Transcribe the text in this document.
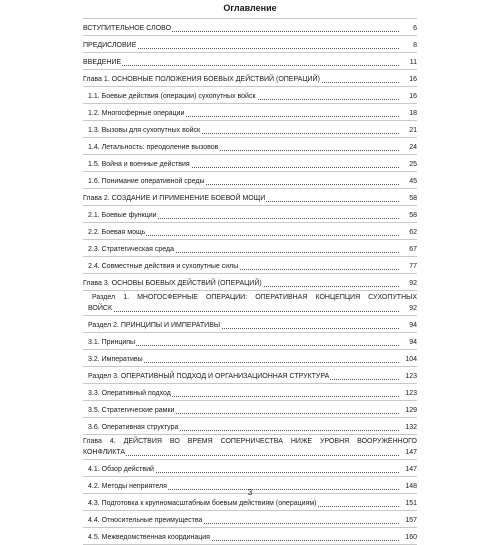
Оглавление
ВСТУПИТЕЛЬНОЕ СЛОВО	6
ПРЕДИСЛОВИЕ	8
ВВЕДЕНИЕ	11
Глава 1. ОСНОВНЫЕ ПОЛОЖЕНИЯ БОЕВЫХ ДЕЙСТВИЙ (ОПЕРАЦИЙ)	16
1.1. Боевые действия (операции) сухопутных войск	16
1.2. Многосферные операции	18
1.3. Вызовы для сухопутных войск	21
1.4. Летальность: преодоление вызовов	24
1.5. Война и военные действия	25
1.6. Понимание оперативной среды	45
Глава 2. СОЗДАНИЕ И ПРИМЕНЕНИЕ БОЕВОЙ МОЩИ	58
2.1. Боевые функции	58
2.2. Боевая мощь	62
2.3. Стратегическая среда	67
2.4. Совместные действия и сухопутные силы	77
Глава 3. ОСНОВЫ БОЕВЫХ ДЕЙСТВИЙ (ОПЕРАЦИЙ)	92
Раздел 1. МНОГОСФЕРНЫЕ ОПЕРАЦИИ: ОПЕРАТИВНАЯ КОНЦЕПЦИЯ СУХОПУТНЫХ
ВОЙСК	92
Раздел 2. ПРИНЦИПЫ И ИМПЕРАТИВЫ	94
3.1. Принципы	94
3.2. Императивы	104
Раздел 3. ОПЕРАТИВНЫЙ ПОДХОД И ОРГАНИЗАЦИОННАЯ СТРУКТУРА	123
3.3. Оперативный подход	123
3.5. Стратегические рамки	129
3.6. Оперативная структура	132
Глава 4. ДЕЙСТВИЯ ВО ВРЕМЯ СОПЕРНИЧЕСТВА НИЖЕ УРОВНЯ ВООРУЖЁННОГО
КОНФЛИКТА	147
4.1. Обзор действий	147
4.2. Методы неприятеля	148
4.3. Подготовка к крупномасштабным боевым действиям (операциям)	151
4.4. Относительные преимущества	157
4.5. Межведомственная координация	160
3
